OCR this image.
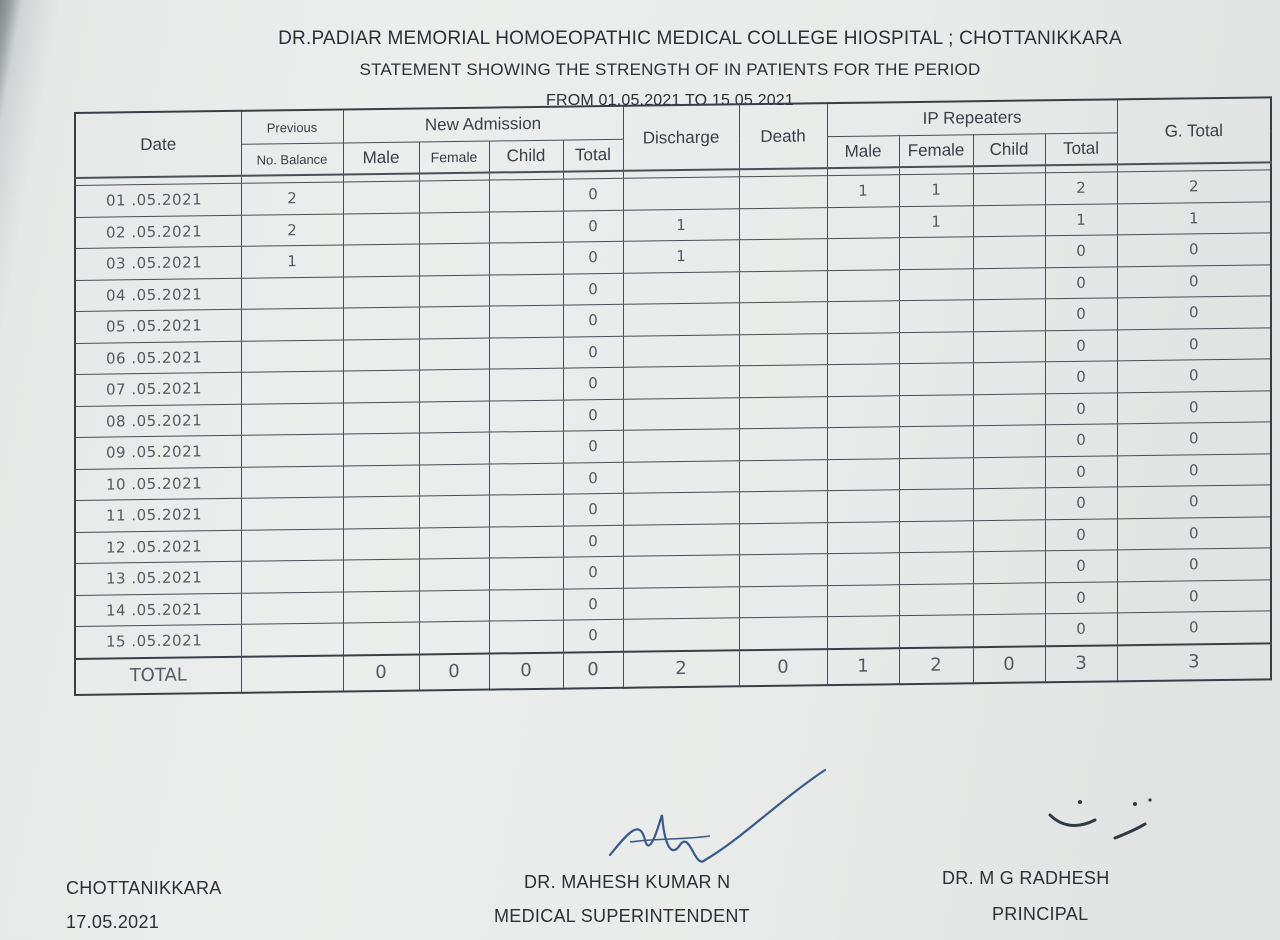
DR.PADIAR MEMORIAL HOMOEOPATHIC MEDICAL COLLEGE HIOSPITAL ; CHOTTANIKKARA
STATEMENT SHOWING THE STRENGTH OF IN PATIENTS FOR THE PERIOD
FROM 01.05.2021 TO 15.05.2021
Date	Previous	New Admission				Discharge	Death	IP Repeaters				G. Total
	No. Balance	Male	Female	Child	Total			Male	Female	Child	Total	

01 .05.2021	2				0			1	1		2	2
02 .05.2021	2				0	1			1		1	1
03 .05.2021	1				0	1					0	0
04 .05.2021					0						0	0
05 .05.2021					0						0	0
06 .05.2021					0						0	0
07 .05.2021					0						0	0
08 .05.2021					0						0	0
09 .05.2021					0						0	0
10 .05.2021					0						0	0
11 .05.2021					0						0	0
12 .05.2021					0						0	0
13 .05.2021					0						0	0
14 .05.2021					0						0	0
15 .05.2021					0						0	0
TOTAL		0	0	0	0	2	0	1	2	0	3	3
CHOTTANIKKARA
17.05.2021
DR. MAHESH KUMAR N
MEDICAL SUPERINTENDENT
DR. M G RADHESH
PRINCIPAL
